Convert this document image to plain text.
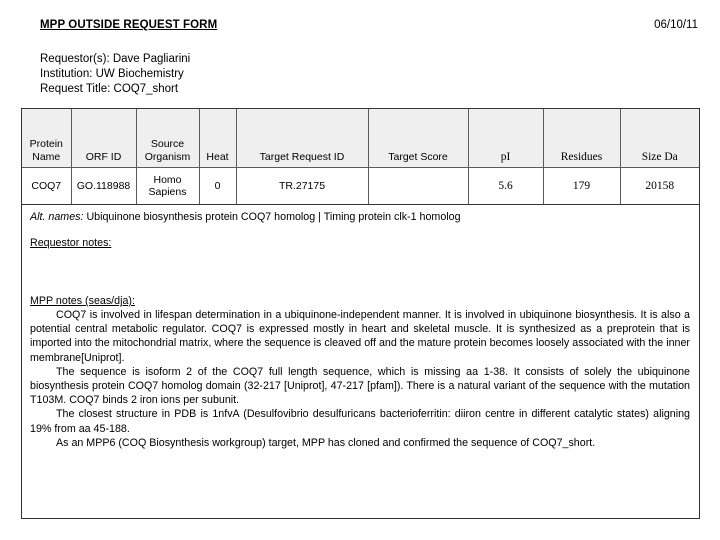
MPP OUTSIDE REQUEST FORM	06/10/11
Requestor(s): Dave Pagliarini
Institution: UW Biochemistry
Request Title: COQ7_short
Protein Name	ORF ID	Source Organism	Heat	Target Request ID	Target Score	pI	Residues	Size Da
COQ7	GO.118988	Homo Sapiens	0	TR.27175		5.6	179	20158
Alt. names: Ubiquinone biosynthesis protein COQ7 homolog | Timing protein clk-1 homolog
Requestor notes:
MPP notes (seas/dja):

COQ7 is involved in lifespan determination in a ubiquinone-independent manner. It is involved in ubiquinone biosynthesis. It is also a potential central metabolic regulator. COQ7 is expressed mostly in heart and skeletal muscle. It is synthesized as a preprotein that is imported into the mitochondrial matrix, where the sequence is cleaved off and the mature protein becomes loosely associated with the inner membrane[Uniprot].

The sequence is isoform 2 of the COQ7 full length sequence, which is missing aa 1-38. It consists of solely the ubiquinone biosynthesis protein COQ7 homolog domain (32-217 [Uniprot], 47-217 [pfam]). There is a natural variant of the sequence with the mutation T103M. COQ7 binds 2 iron ions per subunit.

The closest structure in PDB is 1nfvA (Desulfovibrio desulfuricans bacterioferritin: diiron centre in different catalytic states) aligning 19% from aa 45-188.

As an MPP6 (COQ Biosynthesis workgroup) target, MPP has cloned and confirmed the sequence of COQ7_short.
